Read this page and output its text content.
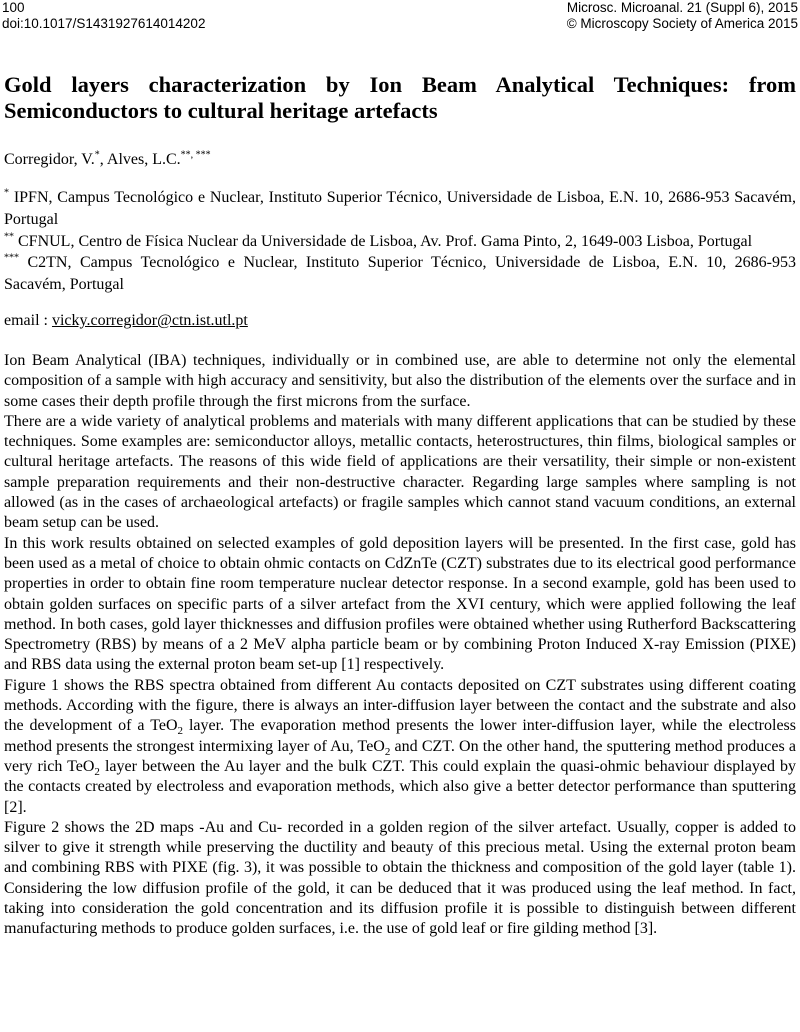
100
doi:10.1017/S1431927614014202
Microsc. Microanal. 21 (Suppl 6), 2015
© Microscopy Society of America 2015
Gold layers characterization by Ion Beam Analytical Techniques: from Semiconductors to cultural heritage artefacts
Corregidor, V.*, Alves, L.C.**, ***
* IPFN, Campus Tecnológico e Nuclear, Instituto Superior Técnico, Universidade de Lisboa, E.N. 10, 2686-953 Sacavém, Portugal
** CFNUL, Centro de Física Nuclear da Universidade de Lisboa, Av. Prof. Gama Pinto, 2, 1649-003 Lisboa, Portugal
*** C2TN, Campus Tecnológico e Nuclear, Instituto Superior Técnico, Universidade de Lisboa, E.N. 10, 2686-953 Sacavém, Portugal
email : vicky.corregidor@ctn.ist.utl.pt

Ion Beam Analytical (IBA) techniques, individually or in combined use, are able to determine not only the elemental composition of a sample with high accuracy and sensitivity, but also the distribution of the elements over the surface and in some cases their depth profile through the first microns from the surface.

There are a wide variety of analytical problems and materials with many different applications that can be studied by these techniques. Some examples are: semiconductor alloys, metallic contacts, heterostructures, thin films, biological samples or cultural heritage artefacts. The reasons of this wide field of applications are their versatility, their simple or non-existent sample preparation requirements and their non-destructive character. Regarding large samples where sampling is not allowed (as in the cases of archaeological artefacts) or fragile samples which cannot stand vacuum conditions, an external beam setup can be used.

In this work results obtained on selected examples of gold deposition layers will be presented. In the first case, gold has been used as a metal of choice to obtain ohmic contacts on CdZnTe (CZT) substrates due to its electrical good performance properties in order to obtain fine room temperature nuclear detector response. In a second example, gold has been used to obtain golden surfaces on specific parts of a silver artefact from the XVI century, which were applied following the leaf method. In both cases, gold layer thicknesses and diffusion profiles were obtained whether using Rutherford Backscattering Spectrometry (RBS) by means of a 2 MeV alpha particle beam or by combining Proton Induced X-ray Emission (PIXE) and RBS data using the external proton beam set-up [1] respectively.

Figure 1 shows the RBS spectra obtained from different Au contacts deposited on CZT substrates using different coating methods. According with the figure, there is always an inter-diffusion layer between the contact and the substrate and also the development of a TeO$_2$ layer. The evaporation method presents the lower inter-diffusion layer, while the electroless method presents the strongest intermixing layer of Au, TeO$_2$ and CZT. On the other hand, the sputtering method produces a very rich TeO$_2$ layer between the Au layer and the bulk CZT. This could explain the quasi-ohmic behaviour displayed by the contacts created by electroless and evaporation methods, which also give a better detector performance than sputtering [2].

Figure 2 shows the 2D maps -Au and Cu- recorded in a golden region of the silver artefact. Usually, copper is added to silver to give it strength while preserving the ductility and beauty of this precious metal. Using the external proton beam and combining RBS with PIXE (fig. 3), it was possible to obtain the thickness and composition of the gold layer (table 1). Considering the low diffusion profile of the gold, it can be deduced that it was produced using the leaf method. In fact, taking into consideration the gold concentration and its diffusion profile it is possible to distinguish between different manufacturing methods to produce golden surfaces, i.e. the use of gold leaf or fire gilding method [3].
